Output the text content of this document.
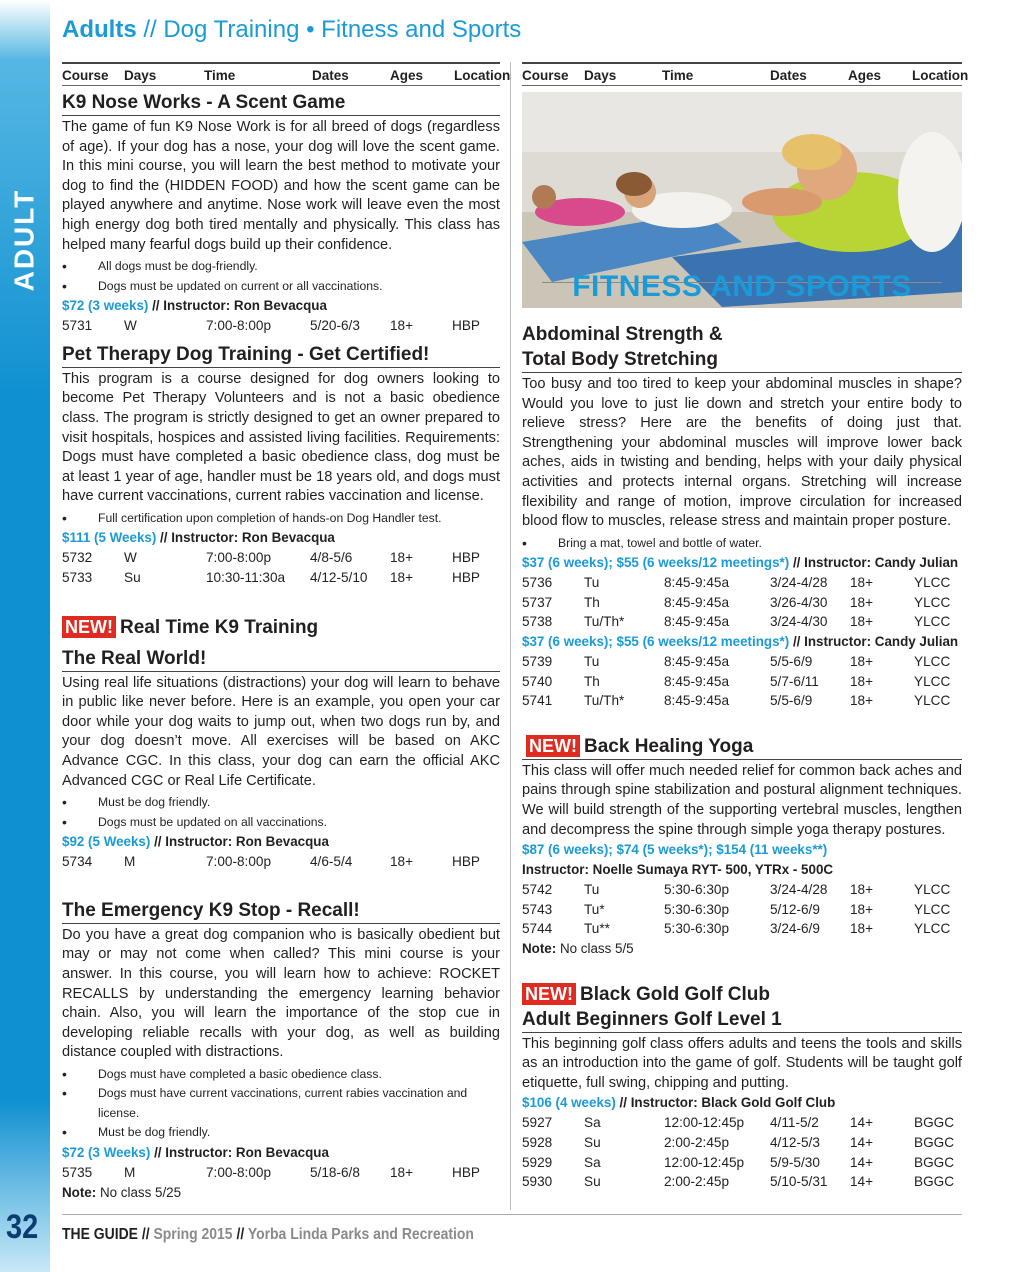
ADULT
32
Adults // Dog Training • Fitness and Sports
Course	Days	Time	Dates	Ages	Location
K9 Nose Works - A Scent Game
The game of fun K9 Nose Work is for all breed of dogs (regardless of age). If your dog has a nose, your dog will love the scent game. In this mini course, you will learn the best method to motivate your dog to find the (HIDDEN FOOD) and how the scent game can be played anywhere and anytime. Nose work will leave even the most high energy dog both tired mentally and physically. This class has helped many fearful dogs build up their confidence.
• All dogs must be dog-friendly.
• Dogs must be updated on current or all vaccinations.
$72 (3 weeks) // Instructor: Ron Bevacqua
5731	W	7:00-8:00p	5/20-6/3	18+	HBP
Pet Therapy Dog Training - Get Certified!
This program is a course designed for dog owners looking to become Pet Therapy Volunteers and is not a basic obedience class. The program is strictly designed to get an owner prepared to visit hospitals, hospices and assisted living facilities. Requirements: Dogs must have completed a basic obedience class, dog must be at least 1 year of age, handler must be 18 years old, and dogs must have current vaccinations, current rabies vaccination and license.
• Full certification upon completion of hands-on Dog Handler test.
$111 (5 Weeks) // Instructor: Ron Bevacqua
5732	W	7:00-8:00p	4/8-5/6	18+	HBP
5733	Su	10:30-11:30a	4/12-5/10	18+	HBP
NEW! Real Time K9 Training
The Real World!
Using real life situations (distractions) your dog will learn to behave in public like never before. Here is an example, you open your car door while your dog waits to jump out, when two dogs run by, and your dog doesn’t move. All exercises will be based on AKC Advance CGC. In this class, your dog can earn the official AKC Advanced CGC or Real Life Certificate.
• Must be dog friendly.
• Dogs must be updated on all vaccinations.
$92 (5 Weeks) // Instructor: Ron Bevacqua
5734	M	7:00-8:00p	4/6-5/4	18+	HBP
The Emergency K9 Stop - Recall!
Do you have a great dog companion who is basically obedient but may or may not come when called? This mini course is your answer. In this course, you will learn how to achieve: ROCKET RECALLS by understanding the emergency learning behavior chain. Also, you will learn the importance of the stop cue in developing reliable recalls with your dog, as well as building distance coupled with distractions.
• Dogs must have completed a basic obedience class.
• Dogs must have current vaccinations, current rabies vaccination and license.
• Must be dog friendly.
$72 (3 Weeks) // Instructor: Ron Bevacqua
5735	M	7:00-8:00p	5/18-6/8	18+	HBP
Note: No class 5/25
Course	Days	Time	Dates	Ages	Location
FITNESS AND SPORTS
Abdominal Strength &
Total Body Stretching
Too busy and too tired to keep your abdominal muscles in shape? Would you love to just lie down and stretch your entire body to relieve stress? Here are the benefits of doing just that. Strengthening your abdominal muscles will improve lower back aches, aids in twisting and bending, helps with your daily physical activities and protects internal organs. Stretching will increase flexibility and range of motion, improve circulation for increased blood flow to muscles, release stress and maintain proper posture.
• Bring a mat, towel and bottle of water.
$37 (6 weeks); $55 (6 weeks/12 meetings*) // Instructor: Candy Julian
5736	Tu	8:45-9:45a	3/24-4/28	18+	YLCC
5737	Th	8:45-9:45a	3/26-4/30	18+	YLCC
5738	Tu/Th*	8:45-9:45a	3/24-4/30	18+	YLCC
$37 (6 weeks); $55 (6 weeks/12 meetings*) // Instructor: Candy Julian
5739	Tu	8:45-9:45a	5/5-6/9	18+	YLCC
5740	Th	8:45-9:45a	5/7-6/11	18+	YLCC
5741	Tu/Th*	8:45-9:45a	5/5-6/9	18+	YLCC
NEW! Back Healing Yoga
This class will offer much needed relief for common back aches and pains through spine stabilization and postural alignment techniques. We will build strength of the supporting vertebral muscles, lengthen and decompress the spine through simple yoga therapy postures.
$87 (6 weeks); $74 (5 weeks*); $154 (11 weeks**)
Instructor: Noelle Sumaya RYT- 500, YTRx - 500C
5742	Tu	5:30-6:30p	3/24-4/28	18+	YLCC
5743	Tu*	5:30-6:30p	5/12-6/9	18+	YLCC
5744	Tu**	5:30-6:30p	3/24-6/9	18+	YLCC
Note: No class 5/5
NEW! Black Gold Golf Club
Adult Beginners Golf Level 1
This beginning golf class offers adults and teens the tools and skills as an introduction into the game of golf. Students will be taught golf etiquette, full swing, chipping and putting.
$106 (4 weeks) // Instructor: Black Gold Golf Club
5927	Sa	12:00-12:45p	4/11-5/2	14+	BGGC
5928	Su	2:00-2:45p	4/12-5/3	14+	BGGC
5929	Sa	12:00-12:45p	5/9-5/30	14+	BGGC
5930	Su	2:00-2:45p	5/10-5/31	14+	BGGC
THE GUIDE // Spring 2015 // Yorba Linda Parks and Recreation
